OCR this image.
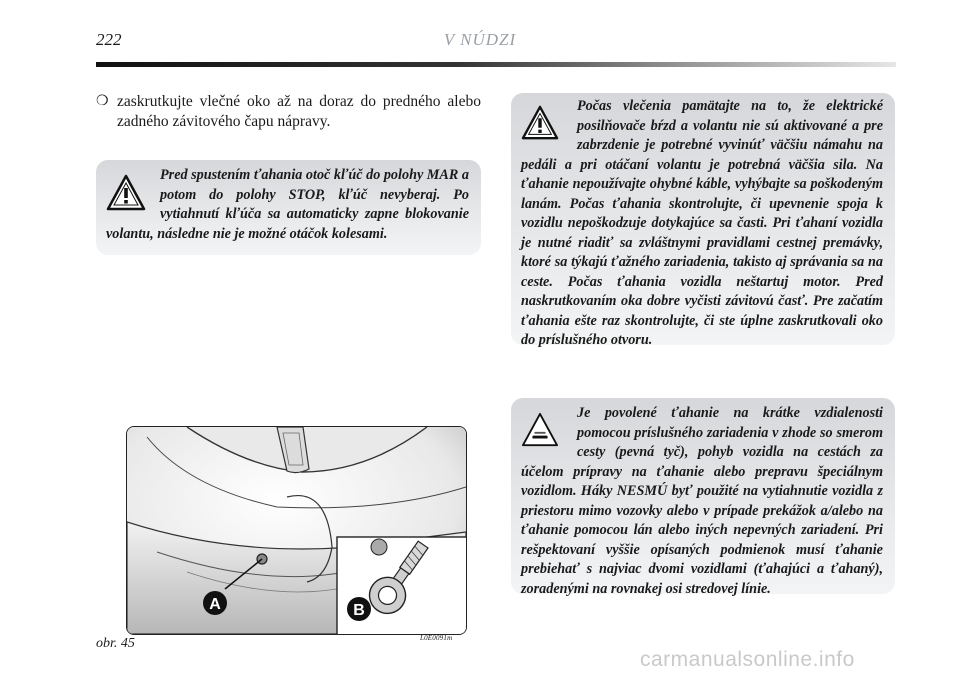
222	V NÚDZI
❍ zaskrutkujte vlečné oko až na doraz do predného alebo zadného závitového čapu nápravy.
Pred spustením ťahania otoč kľúč do polohy MAR a potom do polohy STOP, kľúč nevyberaj. Po vytiahnutí kľúča sa automaticky zapne blokovanie volantu, následne nie je možné otáčok kolesami.
Počas vlečenia pamätajte na to, že elektrické posilňovače bŕzd a volantu nie sú aktivované a pre zabrzdenie je potrebné vyvinúť väčšiu námahu na pedáli a pri otáčaní volantu je potrebná väčšia sila. Na ťahanie nepoužívajte ohybné káble, vyhýbajte sa poškodeným lanám. Počas ťahania skontrolujte, či upevnenie spoja k vozidlu nepoškodzuje dotykajúce sa časti. Pri ťahaní vozidla je nutné riadiť sa zvláštnymi pravidlami cestnej premávky, ktoré sa týkajú ťažného zariadenia, takisto aj správania sa na ceste. Počas ťahania vozidla neštartuj motor. Pred naskrutkovaním oka dobre vyčisti závitovú časť. Pre začatím ťahania ešte raz skontrolujte, či ste úplne zaskrutkovali oko do príslušného otvoru.
Je povolené ťahanie na krátke vzdialenosti pomocou príslušného zariadenia v zhode so smerom cesty (pevná tyč), pohyb vozidla na cestách za účelom prípravy na ťahanie alebo prepravu špeciálnym vozidlom. Háky NESMÚ byť použité na vytiahnutie vozidla z priestoru mimo vozovky alebo v prípade prekážok a/alebo na ťahanie pomocou lán alebo iných nepevných zariadení. Pri rešpektovaní vyššie opísaných podmienok musí ťahanie prebiehať s najviac dvomi vozidlami (ťahajúci a ťahaný), zoradenými na rovnakej osi stredovej línie.
A	B
obr. 45	L0E0091m
carmanualsonline.info
